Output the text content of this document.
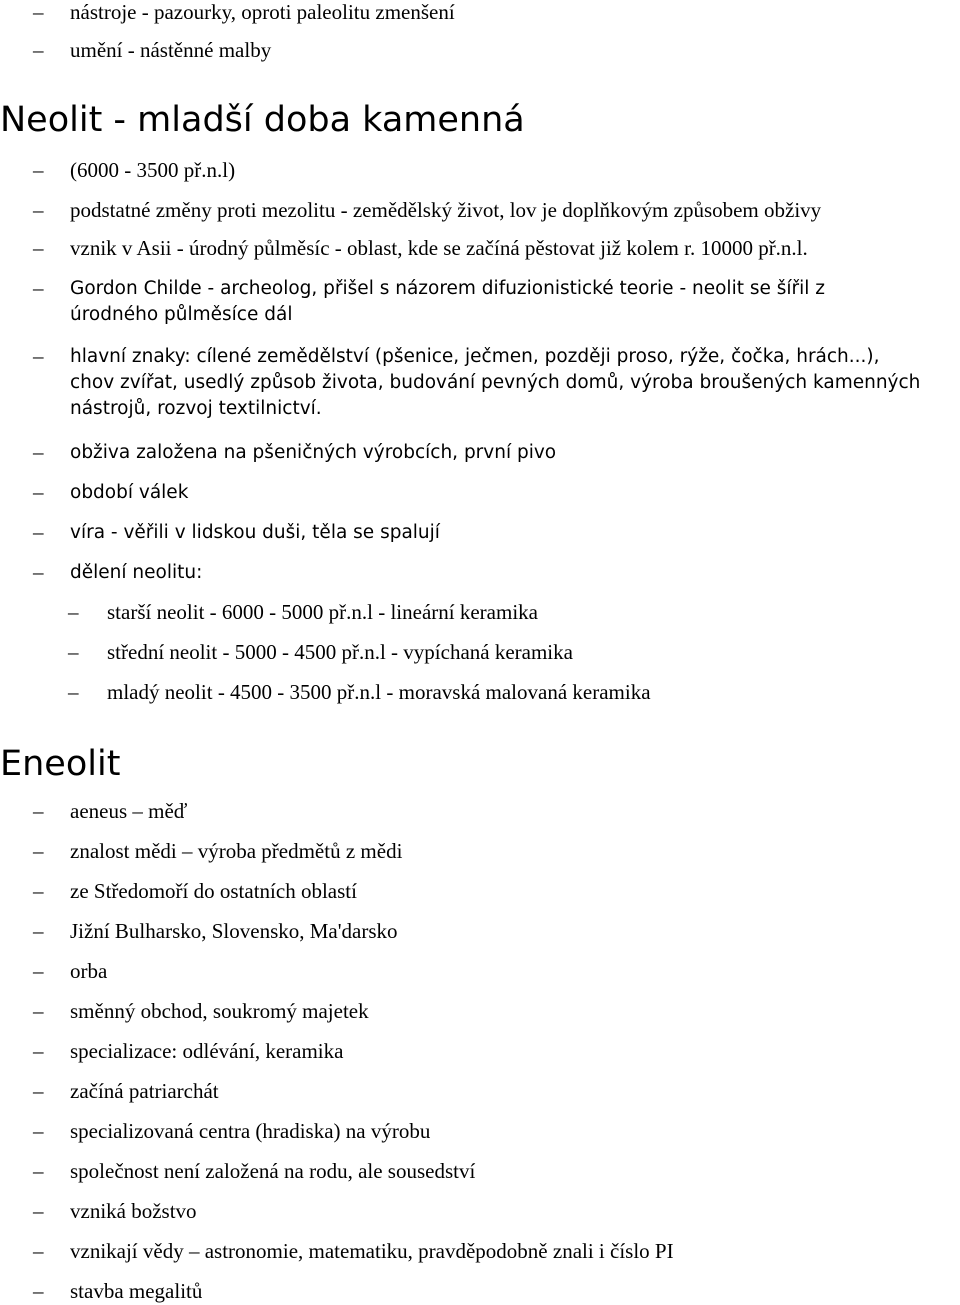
– nástroje - pazourky, oproti paleolitu zmenšení
– umění - nástěnné malby
Neolit - mladší doba kamenná
– (6000 - 3500 př.n.l)
– podstatné změny proti mezolitu - zemědělský život, lov je doplňkovým způsobem obživy
– vznik v Asii - úrodný půlměsíc - oblast, kde se začíná pěstovat již kolem r. 10000 př.n.l.
– Gordon Childe - archeolog, přišel s názorem difuzionistické teorie - neolit se šířil z
úrodného půlměsíce dál
– hlavní znaky: cílené zemědělství (pšenice, ječmen, později proso, rýže, čočka, hrách...),
chov zvířat, usedlý způsob života, budování pevných domů, výroba broušených kamenných
nástrojů, rozvoj textilnictví.
– obživa založena na pšeničných výrobcích, první pivo
– období válek
– víra - věřili v lidskou duši, těla se spalují
– dělení neolitu:
– starší neolit - 6000 - 5000 př.n.l - lineární keramika
– střední neolit - 5000 - 4500 př.n.l - vypíchaná keramika
– mladý neolit - 4500 - 3500 př.n.l - moravská malovaná keramika
Eneolit
– aeneus – měď
– znalost mědi – výroba předmětů z mědi
– ze Středomoří do ostatních oblastí
– Jižní Bulharsko, Slovensko, Ma'darsko
– orba
– směnný obchod, soukromý majetek
– specializace: odlévání, keramika
– začíná patriarchát
– specializovaná centra (hradiska) na výrobu
– společnost není založená na rodu, ale sousedství
– vzniká božstvo
– vznikají vědy – astronomie, matematiku, pravděpodobně znali i číslo PI
– stavba megalitů
